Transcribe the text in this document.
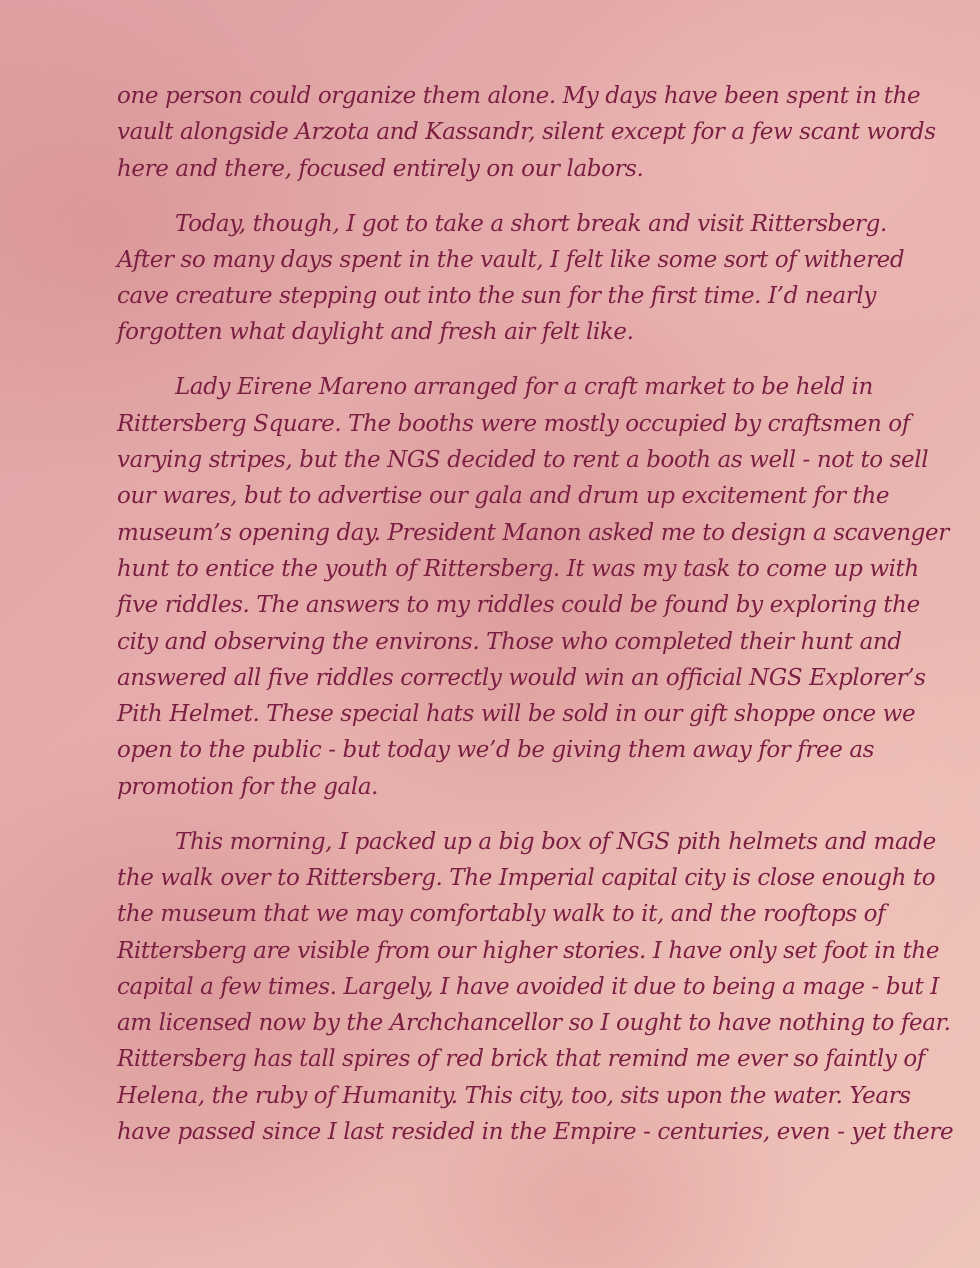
one person could organize them alone. My days have been spent in the
vault alongside Arzota and Kassandr, silent except for a few scant words
here and there, focused entirely on our labors.

Today, though, I got to take a short break and visit Rittersberg.
After so many days spent in the vault, I felt like some sort of withered
cave creature stepping out into the sun for the first time. I’d nearly
forgotten what daylight and fresh air felt like.

Lady Eirene Mareno arranged for a craft market to be held in
Rittersberg Square. The booths were mostly occupied by craftsmen of
varying stripes, but the NGS decided to rent a booth as well - not to sell
our wares, but to advertise our gala and drum up excitement for the
museum’s opening day. President Manon asked me to design a scavenger
hunt to entice the youth of Rittersberg. It was my task to come up with
five riddles. The answers to my riddles could be found by exploring the
city and observing the environs. Those who completed their hunt and
answered all five riddles correctly would win an official NGS Explorer’s
Pith Helmet. These special hats will be sold in our gift shoppe once we
open to the public - but today we’d be giving them away for free as
promotion for the gala.

This morning, I packed up a big box of NGS pith helmets and made
the walk over to Rittersberg. The Imperial capital city is close enough to
the museum that we may comfortably walk to it, and the rooftops of
Rittersberg are visible from our higher stories. I have only set foot in the
capital a few times. Largely, I have avoided it due to being a mage - but I
am licensed now by the Archchancellor so I ought to have nothing to fear.
Rittersberg has tall spires of red brick that remind me ever so faintly of
Helena, the ruby of Humanity. This city, too, sits upon the water. Years
have passed since I last resided in the Empire - centuries, even - yet there
